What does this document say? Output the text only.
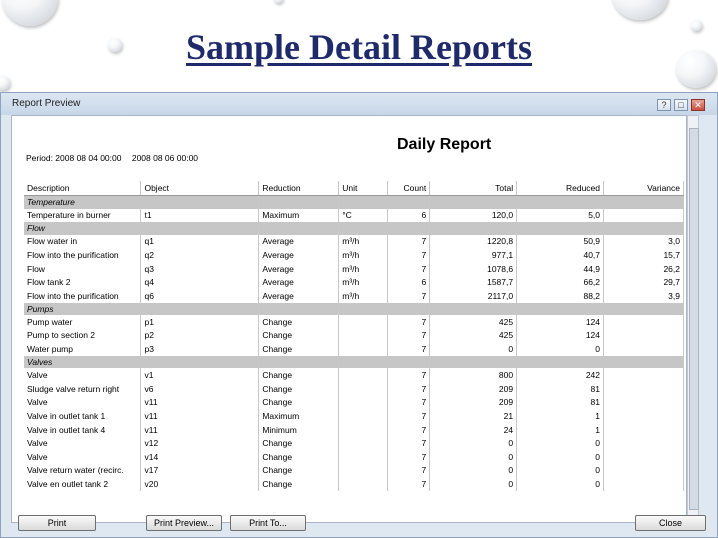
Sample Detail Reports
Report Preview	?	□	✕
Daily Report
Period: 2008 08 04 00:00 2008 08 06 00:00
Description	Object	Reduction	Unit	Count	Total	Reduced	Variance
Temperature							
Temperature in burner	t1	Maximum	°C	6	120,0	5,0	
Flow							
Flow water in	q1	Average	m³/h	7	1220,8	50,9	3,0
Flow into the purification	q2	Average	m³/h	7	977,1	40,7	15,7
Flow	q3	Average	m³/h	7	1078,6	44,9	26,2
Flow tank 2	q4	Average	m³/h	6	1587,7	66,2	29,7
Flow into the purification	q6	Average	m³/h	7	2117,0	88,2	3,9
Pumps							
Pump water	p1	Change		7	425	124	
Pump to section 2	p2	Change		7	425	124	
Water pump	p3	Change		7	0	0	
Valves							
Valve	v1	Change		7	800	242	
Sludge valve return right	v6	Change		7	209	81	
Valve	v11	Change		7	209	81	
Valve in outlet tank 1	v11	Maximum		7	21	1	
Valve in outlet tank 4	v11	Minimum		7	24	1	
Valve	v12	Change		7	0	0	
Valve	v14	Change		7	0	0	
Valve return water (recirc.	v17	Change		7	0	0	
Valve en outlet tank 2	v20	Change		7	0	0	
Print	Print Preview...	Print To...	Close
